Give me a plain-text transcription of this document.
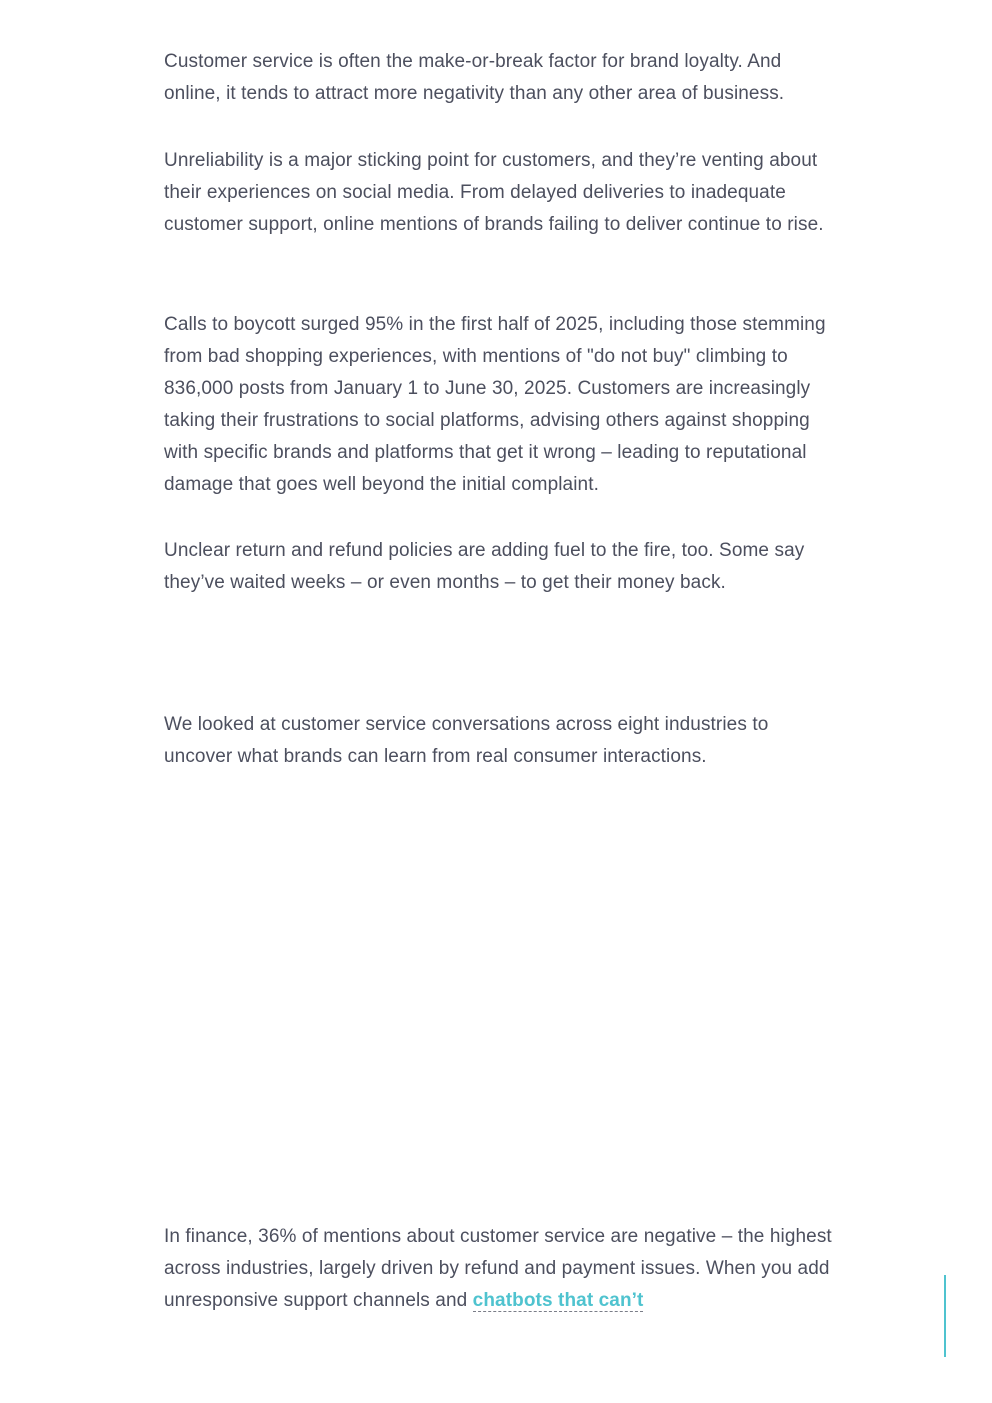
Customer service is often the make-or-break factor for brand loyalty. And online, it tends to attract more negativity than any other area of business.

Unreliability is a major sticking point for customers, and they’re venting about their experiences on social media. From delayed deliveries to inadequate customer support, online mentions of brands failing to deliver continue to rise.

Calls to boycott surged 95% in the first half of 2025, including those stemming from bad shopping experiences, with mentions of "do not buy" climbing to 836,000 posts from January 1 to June 30, 2025. Customers are increasingly taking their frustrations to social platforms, advising others against shopping with specific brands and platforms that get it wrong – leading to reputational damage that goes well beyond the initial complaint.

Unclear return and refund policies are adding fuel to the fire, too. Some say they’ve waited weeks – or even months – to get their money back.

We looked at customer service conversations across eight industries to uncover what brands can learn from real consumer interactions.

In finance, 36% of mentions about customer service are negative – the highest across industries, largely driven by refund and payment issues. When you add unresponsive support channels and chatbots that can’t
